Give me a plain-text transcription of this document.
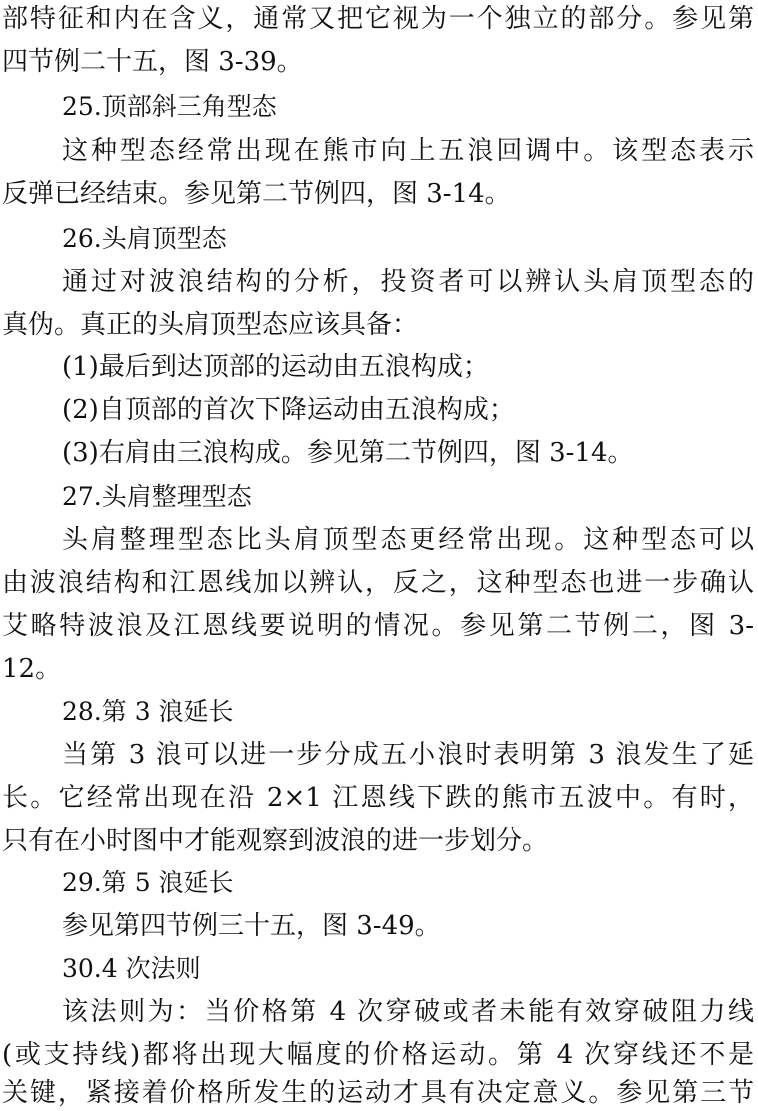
部特征和内在含义，通常又把它视为一个独立的部分。参见第
四节例二十五，图 3-39。
25.顶部斜三角型态
这种型态经常出现在熊市向上五浪回调中。该型态表示
反弹已经结束。参见第二节例四，图 3-14。
26.头肩顶型态
通过对波浪结构的分析，投资者可以辨认头肩顶型态的
真伪。真正的头肩顶型态应该具备：
(1)最后到达顶部的运动由五浪构成；
(2)自顶部的首次下降运动由五浪构成；
(3)右肩由三浪构成。参见第二节例四，图 3-14。
27.头肩整理型态
头肩整理型态比头肩顶型态更经常出现。这种型态可以
由波浪结构和江恩线加以辨认，反之，这种型态也进一步确认
艾略特波浪及江恩线要说明的情况。参见第二节例二，图 3-
12。
28.第 3 浪延长
当第 3 浪可以进一步分成五小浪时表明第 3 浪发生了延
长。它经常出现在沿 2×1 江恩线下跌的熊市五波中。有时，
只有在小时图中才能观察到波浪的进一步划分。
29.第 5 浪延长
参见第四节例三十五，图 3-49。
30.4 次法则
该法则为：当价格第 4 次穿破或者未能有效穿破阻力线
(或支持线)都将出现大幅度的价格运动。第 4 次穿线还不是
关键，紧接着价格所发生的运动才具有决定意义。参见第三节
